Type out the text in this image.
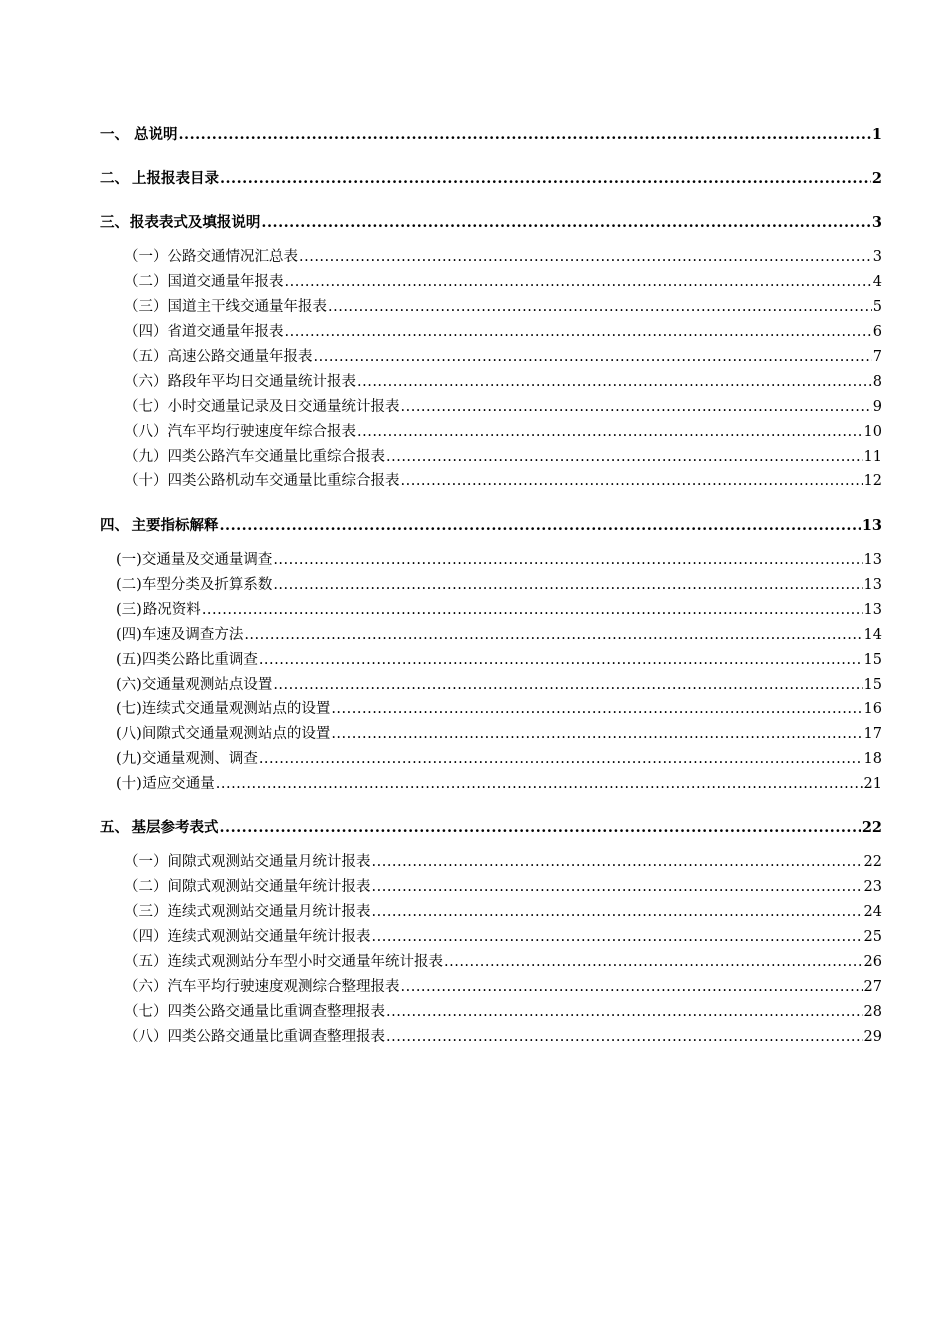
一、 总说明 .....	1
二、 上报报表目录 .....	2
三、 报表表式及填报说明 .....	3
（一） 公路交通情况汇总表 .....	3
（二） 国道交通量年报表 .....	4
（三） 国道主干线交通量年报表 .....	5
（四） 省道交通量年报表 .....	6
（五） 高速公路交通量年报表 .....	7
（六） 路段年平均日交通量统计报表 .....	8
（七） 小时交通量记录及日交通量统计报表 .....	9
（八） 汽车平均行驶速度年综合报表 .....	10
（九） 四类公路汽车交通量比重综合报表 .....	11
（十） 四类公路机动车交通量比重综合报表 .....	12
四、 主要指标解释 .....	13
(一) 交通量及交通量调查 .....	13
(二) 车型分类及折算系数 .....	13
(三) 路况资料 .....	13
(四) 车速及调查方法 .....	14
(五) 四类公路比重调查 .....	15
(六) 交通量观测站点设置 .....	15
(七) 连续式交通量观测站点的设置 .....	16
(八) 间隙式交通量观测站点的设置 .....	17
(九) 交通量观测、调查 .....	18
(十) 适应交通量 .....	21
五、 基层参考表式 .....	22
（一） 间隙式观测站交通量月统计报表 .....	22
（二） 间隙式观测站交通量年统计报表 .....	23
（三） 连续式观测站交通量月统计报表 .....	24
（四） 连续式观测站交通量年统计报表 .....	25
（五） 连续式观测站分车型小时交通量年统计报表 .....	26
（六） 汽车平均行驶速度观测综合整理报表 .....	27
（七） 四类公路交通量比重调查整理报表 .....	28
（八） 四类公路交通量比重调查整理报表 .....	29
